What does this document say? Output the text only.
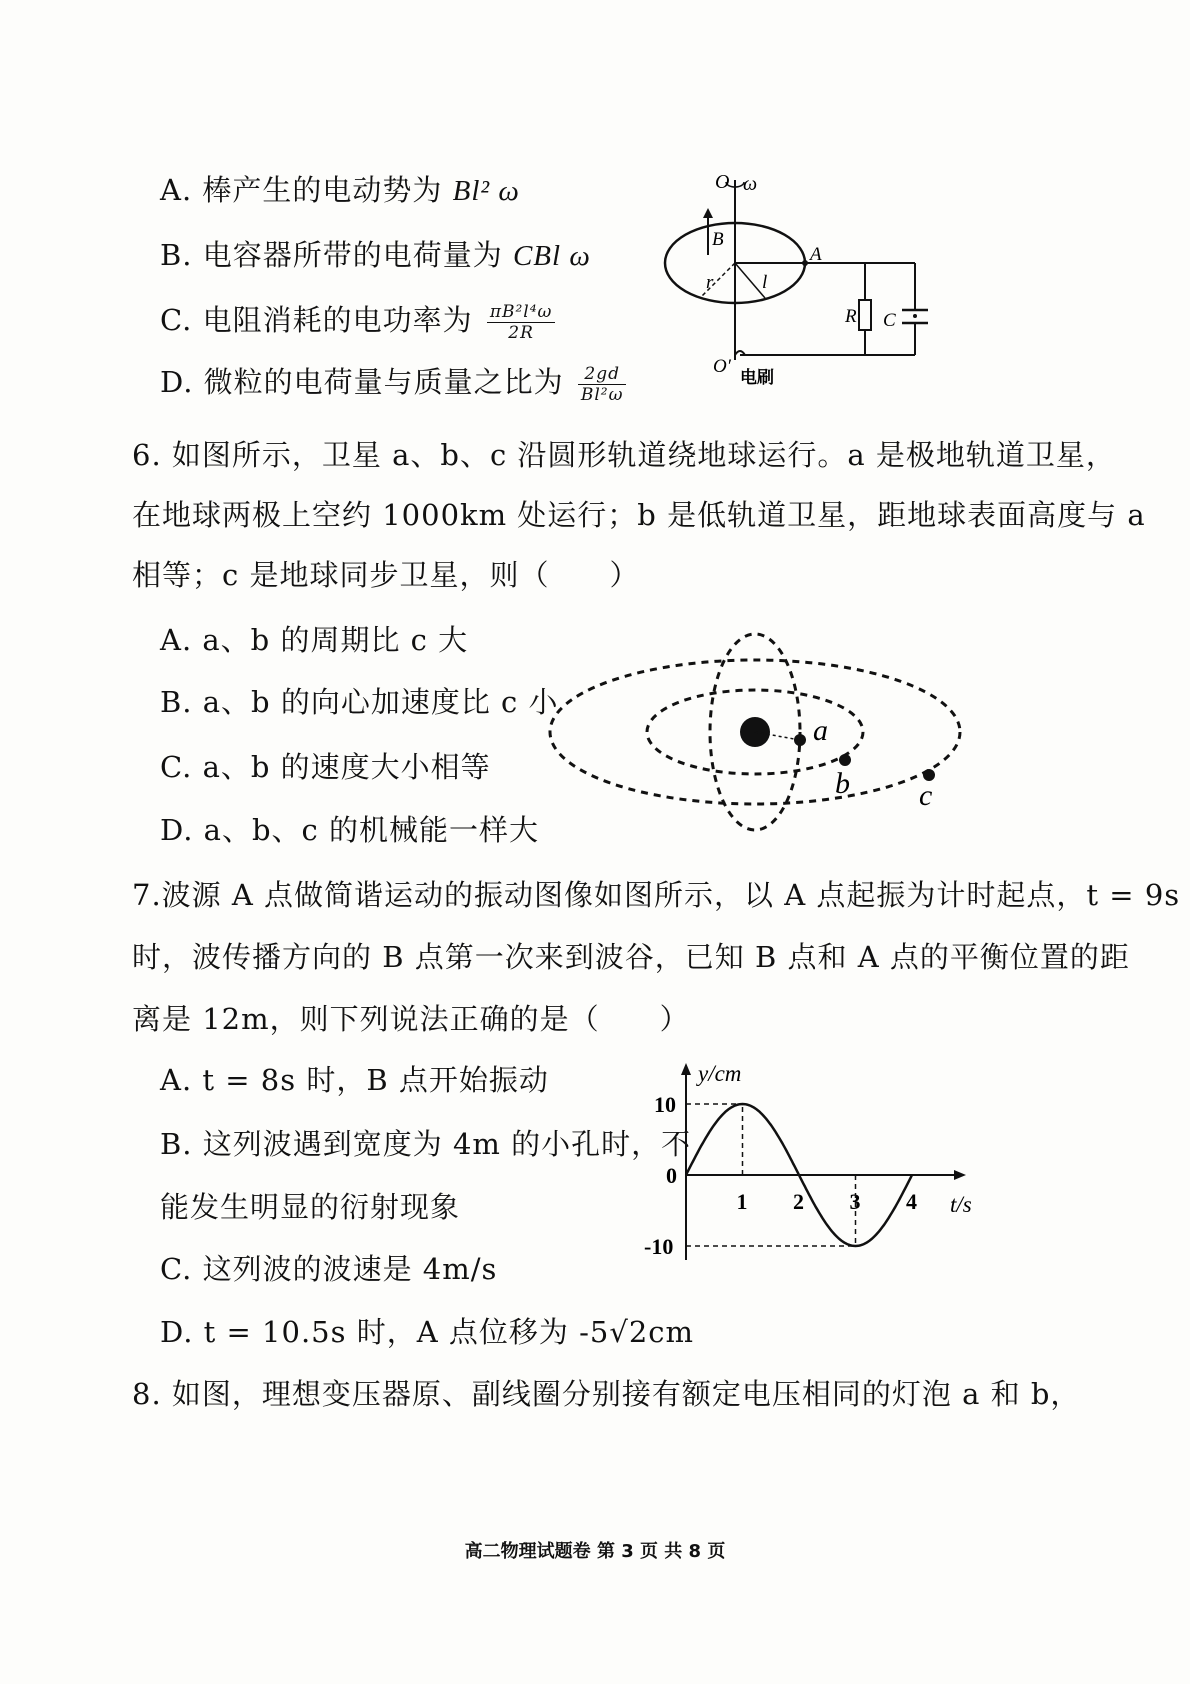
A. 棒产生的电动势为 Bl² ω
B. 电容器所带的电荷量为 CBl ω
C. 电阻消耗的电功率为 $\frac{\text{πB²l⁴ω}}{2R}$
D. 微粒的电荷量与质量之比为 $\frac{2gd}{\text{Bl²ω}}$
O ω
B
r	l
A
R C
O′
电刷
6. 如图所示，卫星 a、b、c 沿圆形轨道绕地球运行。a 是极地轨道卫星，
在地球两极上空约 1000km 处运行；b 是低轨道卫星，距地球表面高度与 a
相等；c 是地球同步卫星，则（　　）
A. a、b 的周期比 c 大
B. a、b 的向心加速度比 c 小
C. a、b 的速度大小相等
D. a、b、c 的机械能一样大
a
b c
7.波源 A 点做简谐运动的振动图像如图所示，以 A 点起振为计时起点，t = 9s
时，波传播方向的 B 点第一次来到波谷，已知 B 点和 A 点的平衡位置的距
离是 12m，则下列说法正确的是（　　）
A. t = 8s 时，B 点开始振动
B. 这列波遇到宽度为 4m 的小孔时，不
能发生明显的衍射现象
C. 这列波的波速是 4m/s
D. t = 10.5s 时，A 点位移为 -5√2cm
y/cm
t/s
0
1 2 3 4
10
-10
8. 如图，理想变压器原、副线圈分别接有额定电压相同的灯泡 a 和 b，
高二物理试题卷 第 3 页 共 8 页
